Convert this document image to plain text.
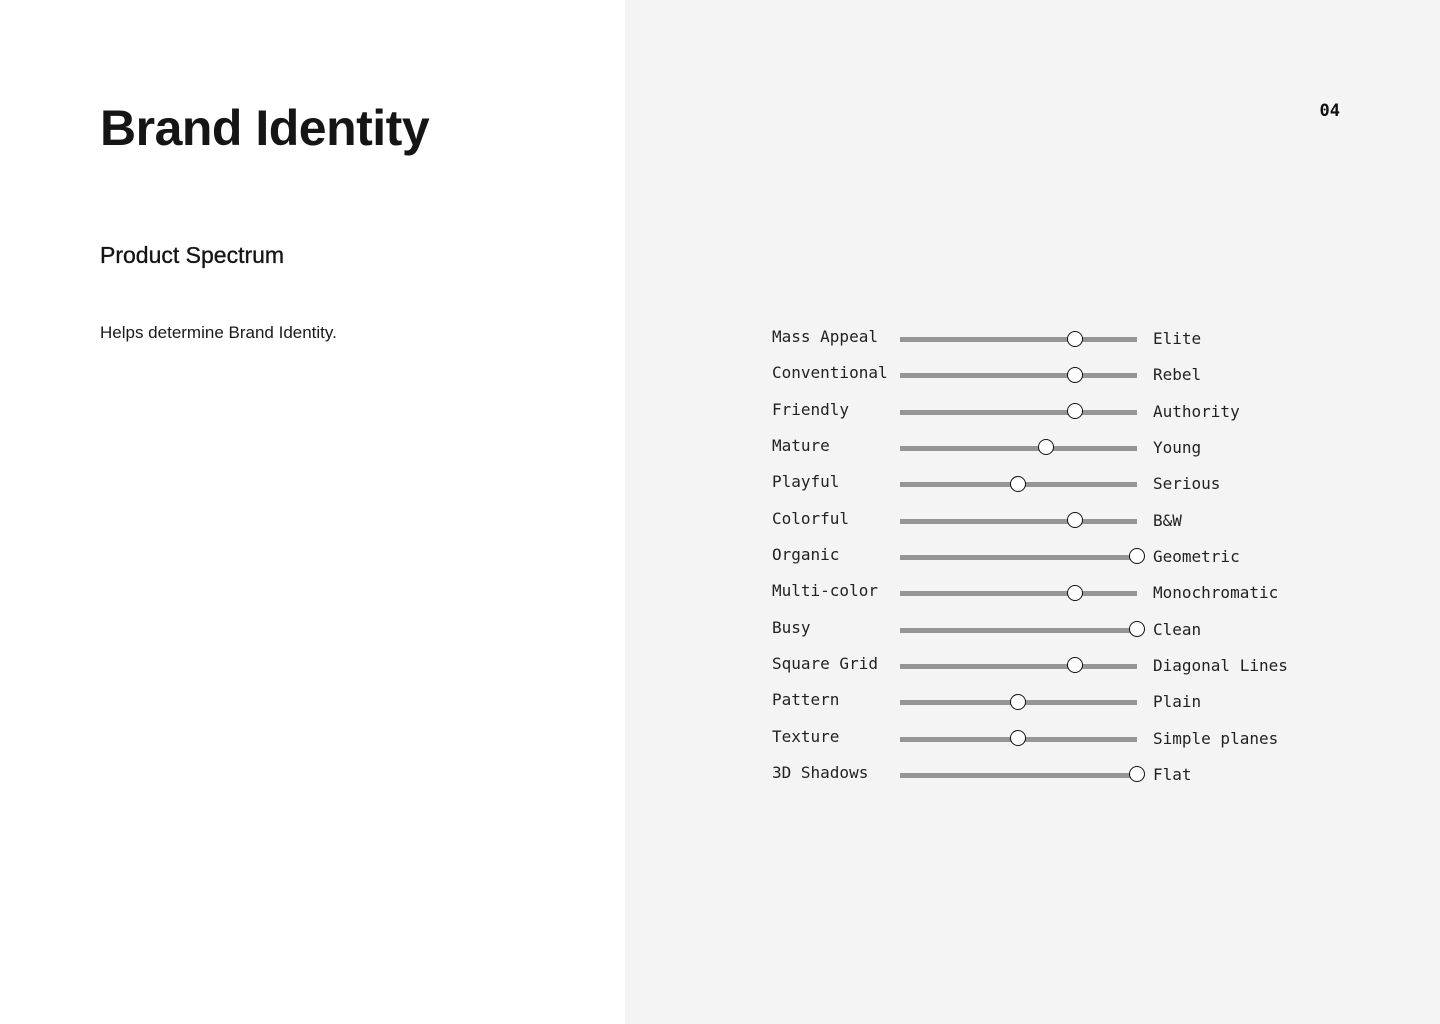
Brand Identity
Product Spectrum

Helps determine Brand Identity.

04
Mass Appeal	Elite
Conventional	Rebel
Friendly	Authority
Mature	Young
Playful	Serious
Colorful	B&W
Organic	Geometric
Multi-color	Monochromatic
Busy	Clean
Square Grid	Diagonal Lines
Pattern	Plain
Texture	Simple planes
3D Shadows	Flat
